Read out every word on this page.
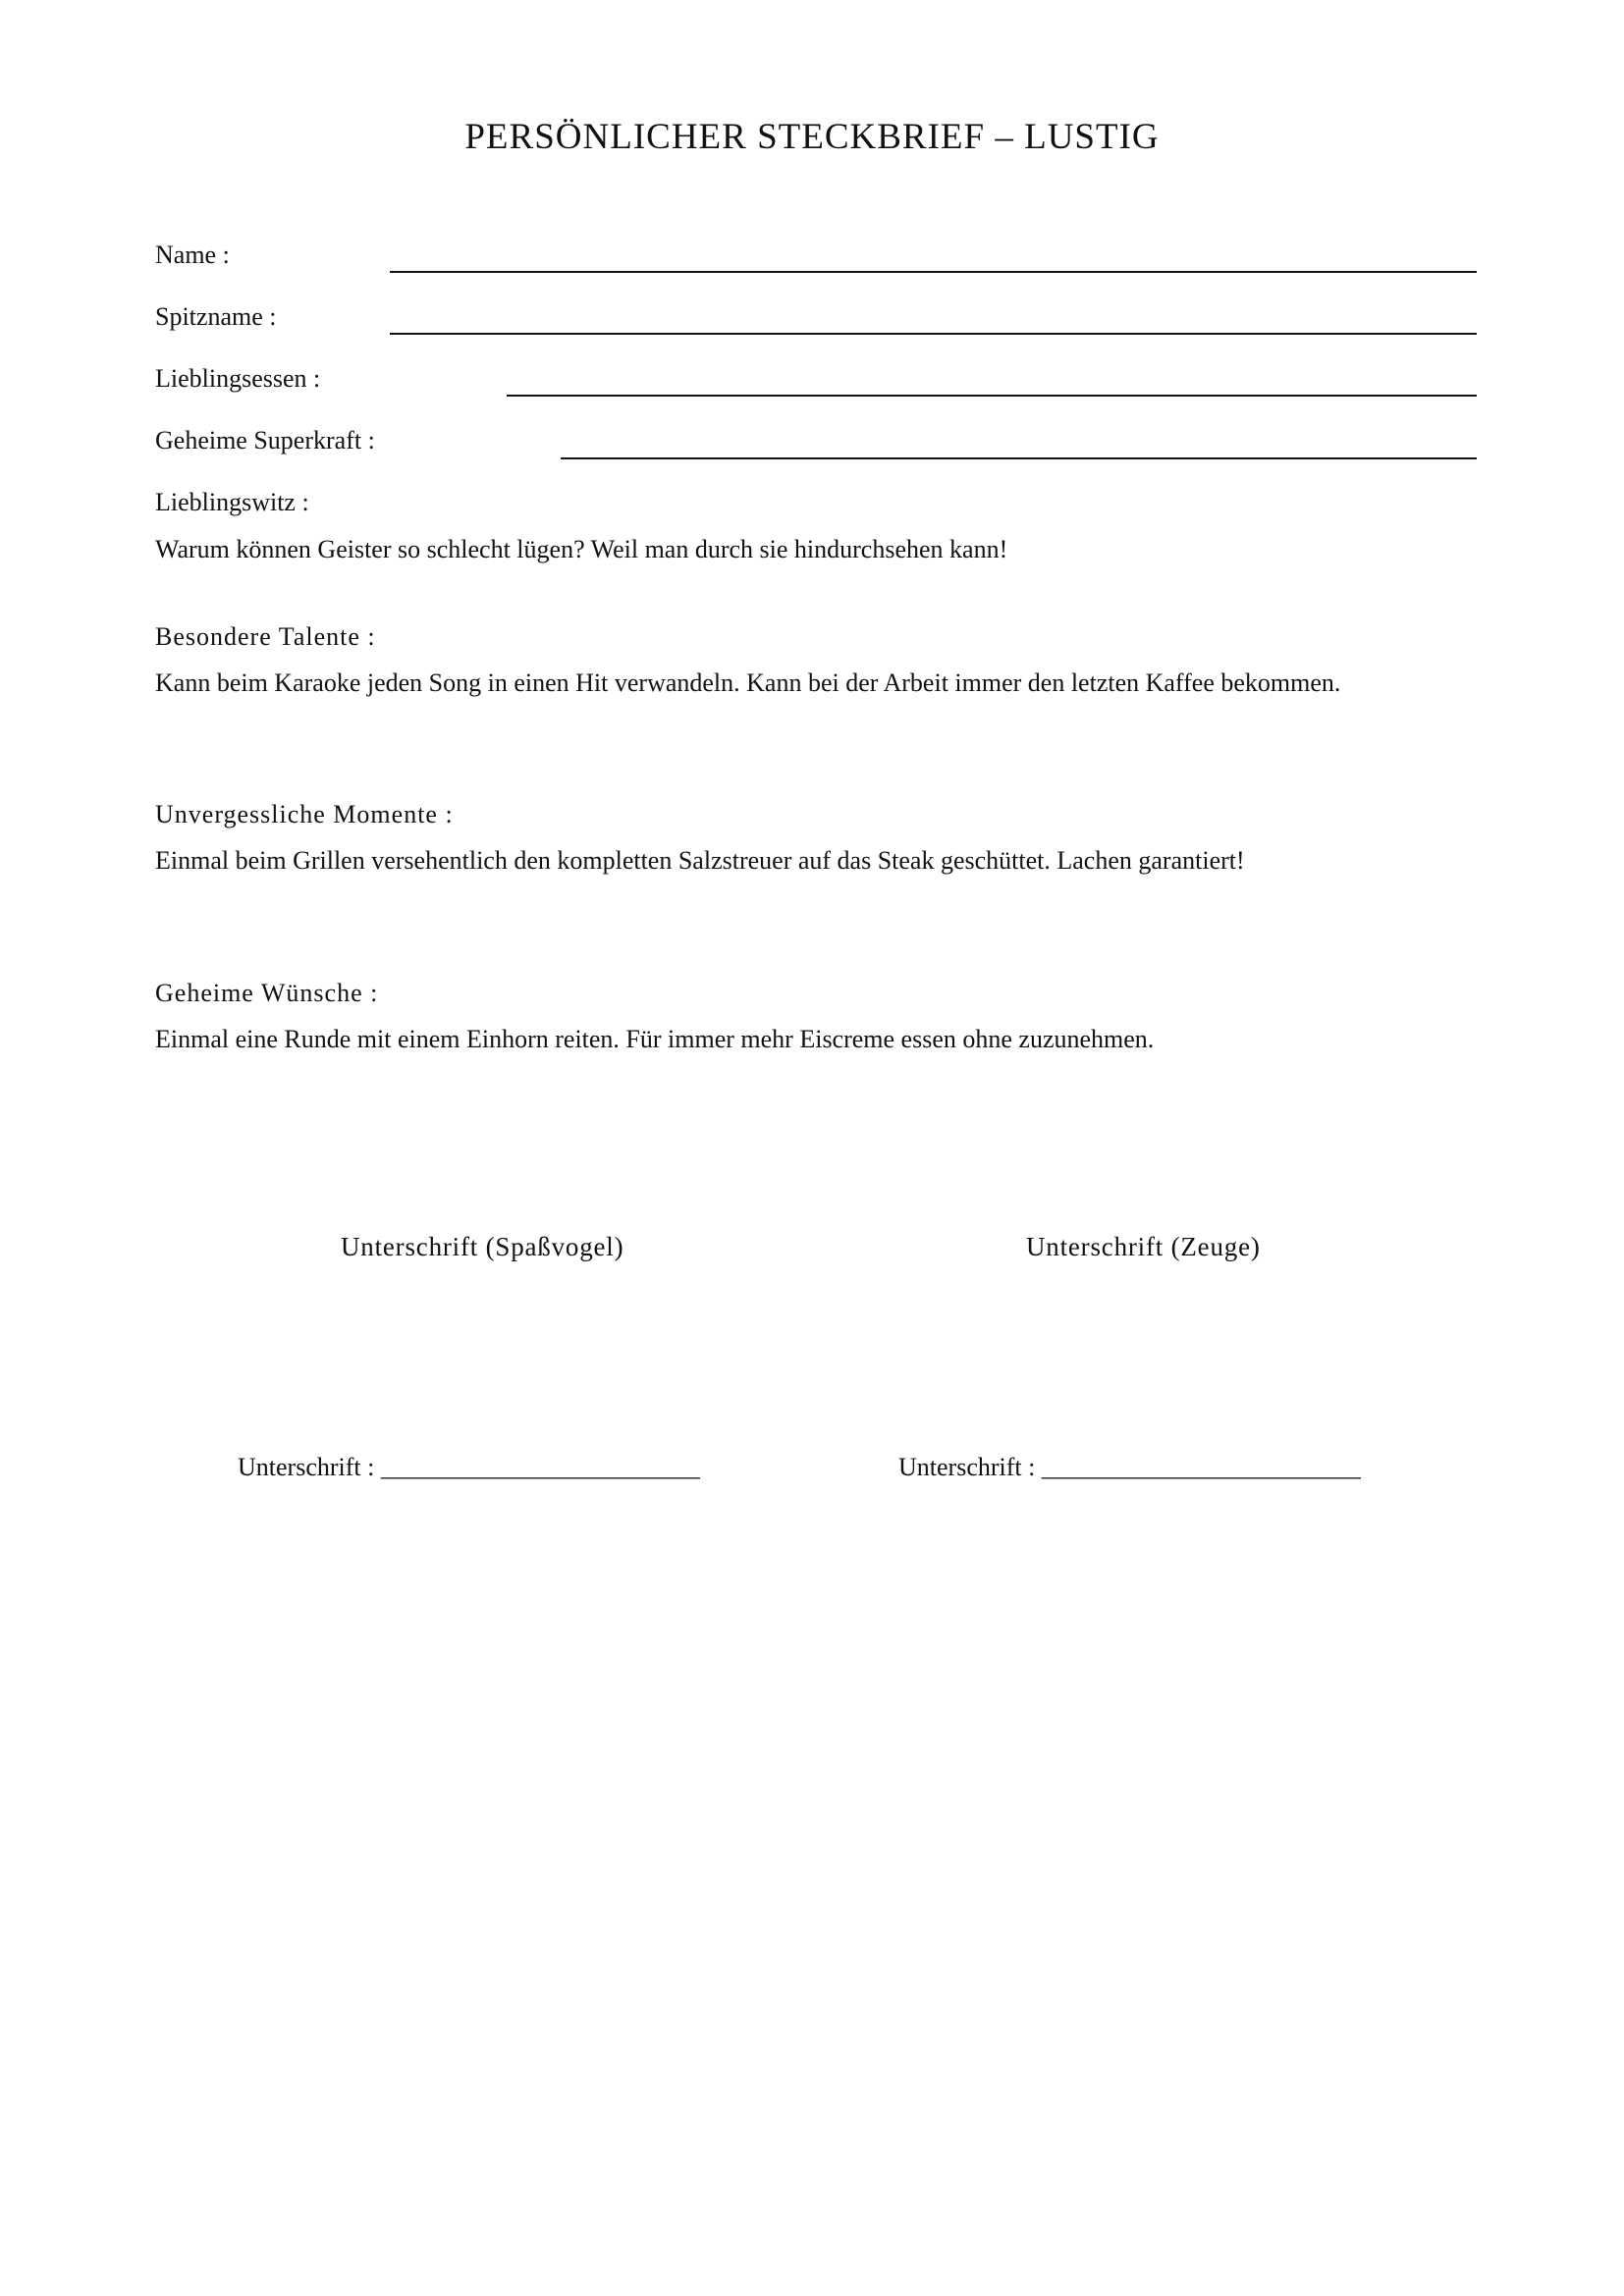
PERSÖNLICHER STECKBRIEF – LUSTIG
Name :
Spitzname :
Lieblingsessen :
Geheime Superkraft :
Lieblingswitz :
Warum können Geister so schlecht lügen? Weil man durch sie hindurchsehen kann!
Besondere Talente :
Kann beim Karaoke jeden Song in einen Hit verwandeln. Kann bei der Arbeit immer den letzten Kaffee bekommen.
Unvergessliche Momente :
Einmal beim Grillen versehentlich den kompletten Salzstreuer auf das Steak geschüttet. Lachen garantiert!
Geheime Wünsche :
Einmal eine Runde mit einem Einhorn reiten. Für immer mehr Eiscreme essen ohne zuzunehmen.
Unterschrift (Spaßvogel)	Unterschrift (Zeuge)
Unterschrift : _________________________	Unterschrift : _________________________
